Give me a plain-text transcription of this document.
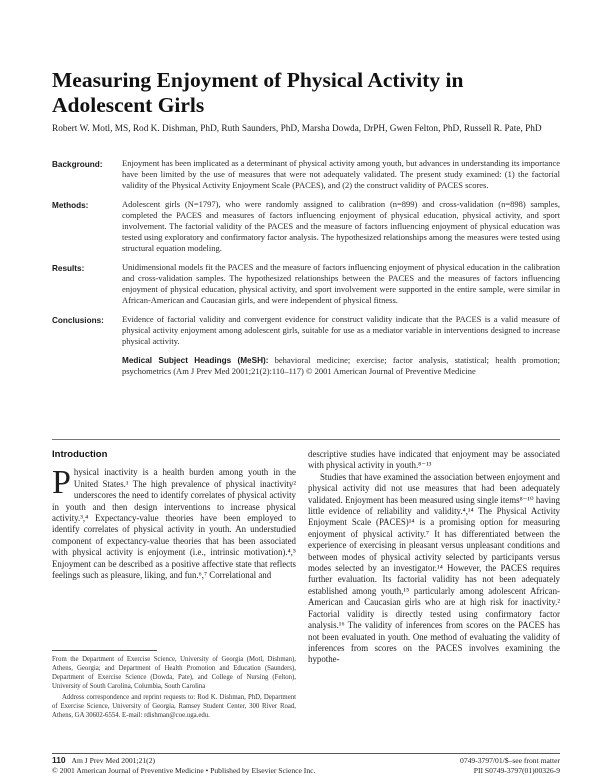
Measuring Enjoyment of Physical Activity in Adolescent Girls

Robert W. Motl, MS, Rod K. Dishman, PhD, Ruth Saunders, PhD, Marsha Dowda, DrPH, Gwen Felton, PhD, Russell R. Pate, PhD

Background:	Enjoyment has been implicated as a determinant of physical activity among youth, but advances in understanding its importance have been limited by the use of measures that were not adequately validated. The present study examined: (1) the factorial validity of the Physical Activity Enjoyment Scale (PACES), and (2) the construct validity of PACES scores.
Methods:	Adolescent girls (N=1797), who were randomly assigned to calibration (n=899) and cross-validation (n=898) samples, completed the PACES and measures of factors influencing enjoyment of physical education, physical activity, and sport involvement. The factorial validity of the PACES and the measure of factors influencing enjoyment of physical education was tested using exploratory and confirmatory factor analysis. The hypothesized relationships among the measures were tested using structural equation modeling.
Results:	Unidimensional models fit the PACES and the measure of factors influencing enjoyment of physical education in the calibration and cross-validation samples. The hypothesized relationships between the PACES and the measures of factors influencing enjoyment of physical education, physical activity, and sport involvement were supported in the entire sample, were similar in African-American and Caucasian girls, and were independent of physical fitness.
Conclusions:	Evidence of factorial validity and convergent evidence for construct validity indicate that the PACES is a valid measure of physical activity enjoyment among adolescent girls, suitable for use as a mediator variable in interventions designed to increase physical activity.
Medical Subject Headings (MeSH): behavioral medicine; exercise; factor analysis, statistical; health promotion; psychometrics (Am J Prev Med 2001;21(2):110–117) © 2001 American Journal of Preventive Medicine
Introduction

Physical inactivity is a health burden among youth in the United States.¹ The high prevalence of physical inactivity² underscores the need to identify correlates of physical activity in youth and then design interventions to increase physical activity.³,⁴ Expectancy-value theories have been employed to identify correlates of physical activity in youth. An understudied component of expectancy-value theories that has been associated with physical activity is enjoyment (i.e., intrinsic motivation).⁴,⁵ Enjoyment can be described as a positive affective state that reflects feelings such as pleasure, liking, and fun.⁶,⁷ Correlational and

descriptive studies have indicated that enjoyment may be associated with physical activity in youth.⁸⁻¹³

Studies that have examined the association between enjoyment and physical activity did not use measures that had been adequately validated. Enjoyment has been measured using single items⁸⁻¹⁰ having little evidence of reliability and validity.⁴,¹⁴ The Physical Activity Enjoyment Scale (PACES)¹⁴ is a promising option for measuring enjoyment of physical activity.⁷ It has differentiated between the experience of exercising in pleasant versus unpleasant conditions and between modes of physical activity selected by participants versus modes selected by an investigator.¹⁴ However, the PACES requires further evaluation. Its factorial validity has not been adequately established among youth,¹⁵ particularly among adolescent African-American and Caucasian girls who are at high risk for inactivity.² Factorial validity is directly tested using confirmatory factor analysis.¹⁶ The validity of inferences from scores on the PACES has not been evaluated in youth. One method of evaluating the validity of inferences from scores on the PACES involves examining the hypothe-

From the Department of Exercise Science, University of Georgia (Motl, Dishman), Athens, Georgia; and Department of Health Promotion and Education (Saunders), Department of Exercise Science (Dowda, Pate), and College of Nursing (Felton), University of South Carolina, Columbia, South Carolina

Address correspondence and reprint requests to: Rod K. Dishman, PhD, Department of Exercise Science, University of Georgia, Ramsey Student Center, 300 River Road, Athens, GA 30602-6554. E-mail: rdishman@coe.uga.edu.

110 Am J Prev Med 2001;21(2)	0749-3797/01/$–see front matter
© 2001 American Journal of Preventive Medicine • Published by Elsevier Science Inc.	PII S0749-3797(01)00326-9
